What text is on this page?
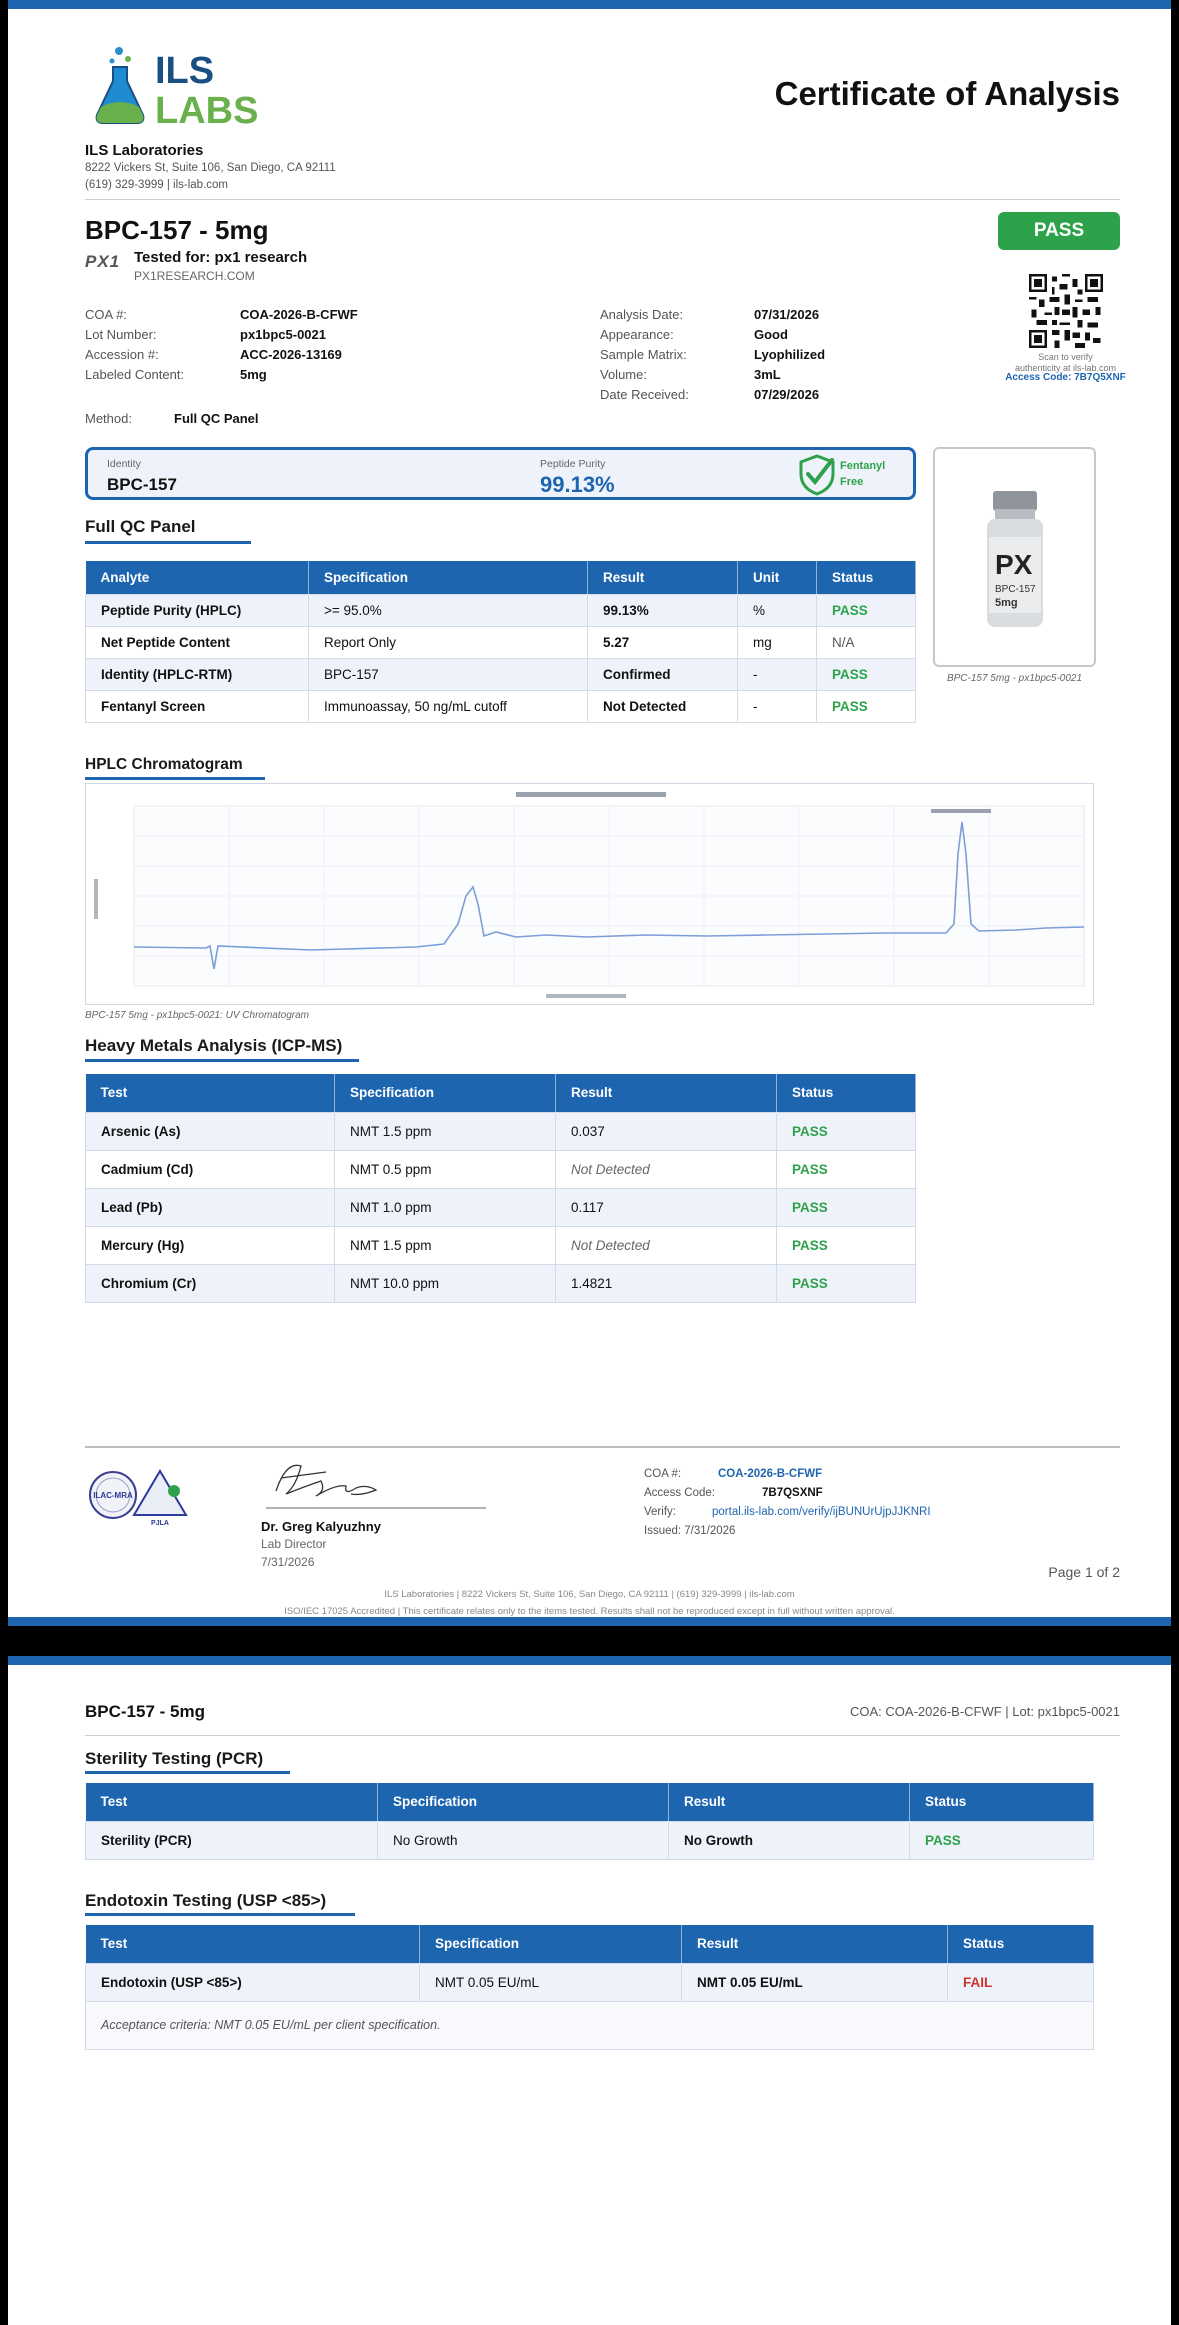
ILS
LABS	Certificate of Analysis
ILS Laboratories
8222 Vickers St, Suite 106, San Diego, CA 92111
(619) 329-3999 | ils-lab.com
BPC-157 - 5mg
PX1 Tested for: px1 research
PX1RESEARCH.COM
PASS
COA #:	COA-2026-B-CFWF
Lot Number:	px1bpc5-0021
Accession #:	ACC-2026-13169
Labeled Content:	5mg
Analysis Date:	07/31/2026
Appearance:	Good
Sample Matrix:	Lyophilized
Volume:	3mL
Date Received:	07/29/2026
Scan to verify
authenticity at ils-lab.com
Access Code: 7B7Q5XNF
Method:	Full QC Panel
Identity
BPC-157
Peptide Purity
99.13%
Fentanyl
Free
PX
BPC-157
5mg
BPC-157 5mg - px1bpc5-0021
Full QC Panel
Analyte	Specification	Result	Unit	Status
Peptide Purity (HPLC)	>= 95.0%	99.13%	%	PASS
Net Peptide Content	Report Only	5.27	mg	N/A
Identity (HPLC-RTM)	BPC-157	Confirmed	-	PASS
Fentanyl Screen	Immunoassay, 50 ng/mL cutoff	Not Detected	-	PASS
HPLC Chromatogram
BPC-157 5mg - px1bpc5-0021: UV Chromatogram
Heavy Metals Analysis (ICP-MS)
Test	Specification	Result	Status
Arsenic (As)	NMT 1.5 ppm	0.037	PASS
Cadmium (Cd)	NMT 0.5 ppm	Not Detected	PASS
Lead (Pb)	NMT 1.0 ppm	0.117	PASS
Mercury (Hg)	NMT 1.5 ppm	Not Detected	PASS
Chromium (Cr)	NMT 10.0 ppm	1.4821	PASS
ILAC-MRA
PJLA	Dr. Greg Kalyuzhny
Lab Director
7/31/2026
COA #:	COA-2026-B-CFWF
Access Code:	7B7QSXNF
Verify:	portal.ils-lab.com/verify/ijBUNUrUjpJJKNRI
Issued: 7/31/2026
Page 1 of 2
ILS Laboratories | 8222 Vickers St, Suite 106, San Diego, CA 92111 | (619) 329-3999 | ils-lab.com
ISO/IEC 17025 Accredited | This certificate relates only to the items tested. Results shall not be reproduced except in full without written approval.
BPC-157 - 5mg	COA: COA-2026-B-CFWF | Lot: px1bpc5-0021
Sterility Testing (PCR)
Test	Specification	Result	Status
Sterility (PCR)	No Growth	No Growth	PASS
Endotoxin Testing (USP <85>)
Test	Specification	Result	Status
Endotoxin (USP <85>)	NMT 0.05 EU/mL	NMT 0.05 EU/mL	FAIL
Acceptance criteria: NMT 0.05 EU/mL per client specification.			
